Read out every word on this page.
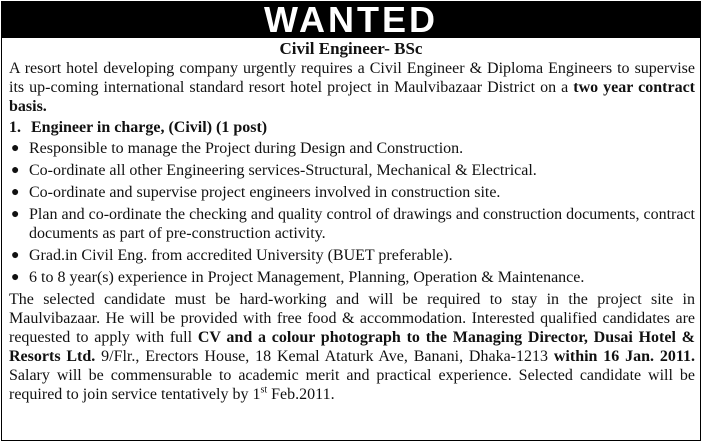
WANTED
Civil Engineer- BSc

A resort hotel developing company urgently requires a Civil Engineer & Diploma Engineers to supervise its up-coming international standard resort hotel project in Maulvibazaar District on a two year contract basis.

1. Engineer in charge, (Civil) (1 post)
● Responsible to manage the Project during Design and Construction.
● Co-ordinate all other Engineering services-Structural, Mechanical & Electrical.
● Co-ordinate and supervise project engineers involved in construction site.
● Plan and co-ordinate the checking and quality control of drawings and construction documents, contract documents as part of pre-construction activity.
● Grad.in Civil Eng. from accredited University (BUET preferable).
● 6 to 8 year(s) experience in Project Management, Planning, Operation & Maintenance.

The selected candidate must be hard-working and will be required to stay in the project site in Maulvibazaar. He will be provided with free food & accommodation. Interested qualified candidates are requested to apply with full CV and a colour photograph to the Managing Director, Dusai Hotel & Resorts Ltd. 9/Flr., Erectors House, 18 Kemal Ataturk Ave, Banani, Dhaka-1213 within 16 Jan. 2011. Salary will be commensurable to academic merit and practical experience. Selected candidate will be required to join service tentatively by 1st Feb.2011.
